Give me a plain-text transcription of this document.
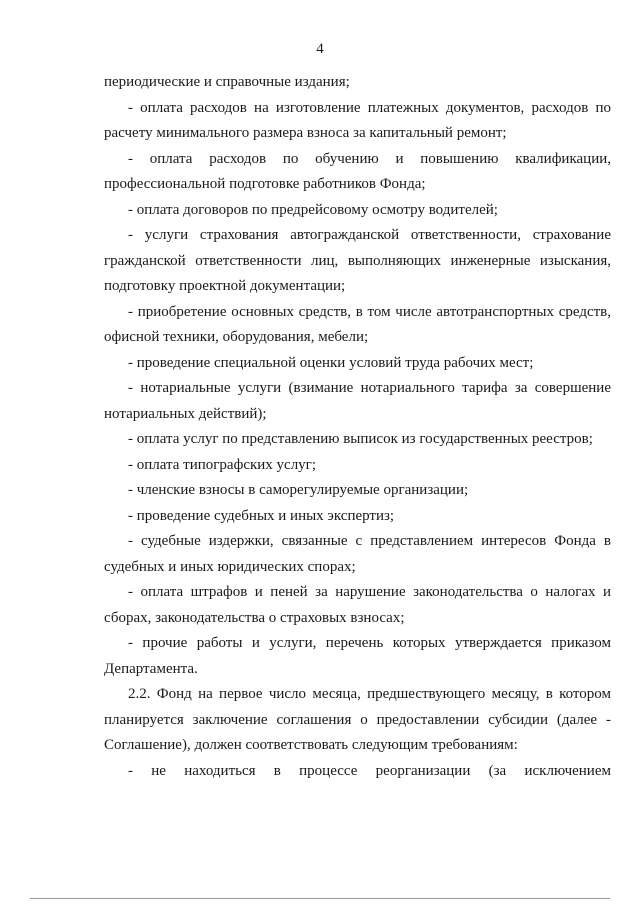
4

периодические и справочные издания;

- оплата расходов на изготовление платежных документов, расходов по расчету минимального размера взноса за капитальный ремонт;

- оплата расходов по обучению и повышению квалификации, профессиональной подготовке работников Фонда;

- оплата договоров по предрейсовому осмотру водителей;

- услуги страхования автогражданской ответственности, страхование гражданской ответственности лиц, выполняющих инженерные изыскания, подготовку проектной документации;

- приобретение основных средств, в том числе автотранспортных средств, офисной техники, оборудования, мебели;

- проведение специальной оценки условий труда рабочих мест;

- нотариальные услуги (взимание нотариального тарифа за совершение нотариальных действий);

- оплата услуг по представлению выписок из государственных реестров;

- оплата типографских услуг;

- членские взносы в саморегулируемые организации;

- проведение судебных и иных экспертиз;

- судебные издержки, связанные с представлением интересов Фонда в судебных и иных юридических спорах;

- оплата штрафов и пеней за нарушение законодательства о налогах и сборах, законодательства о страховых взносах;

- прочие работы и услуги, перечень которых утверждается приказом Департамента.

2.2. Фонд на первое число месяца, предшествующего месяцу, в котором планируется заключение соглашения о предоставлении субсидии (далее - Соглашение), должен соответствовать следующим требованиям:

- не находиться в процессе реорганизации (за исключением
